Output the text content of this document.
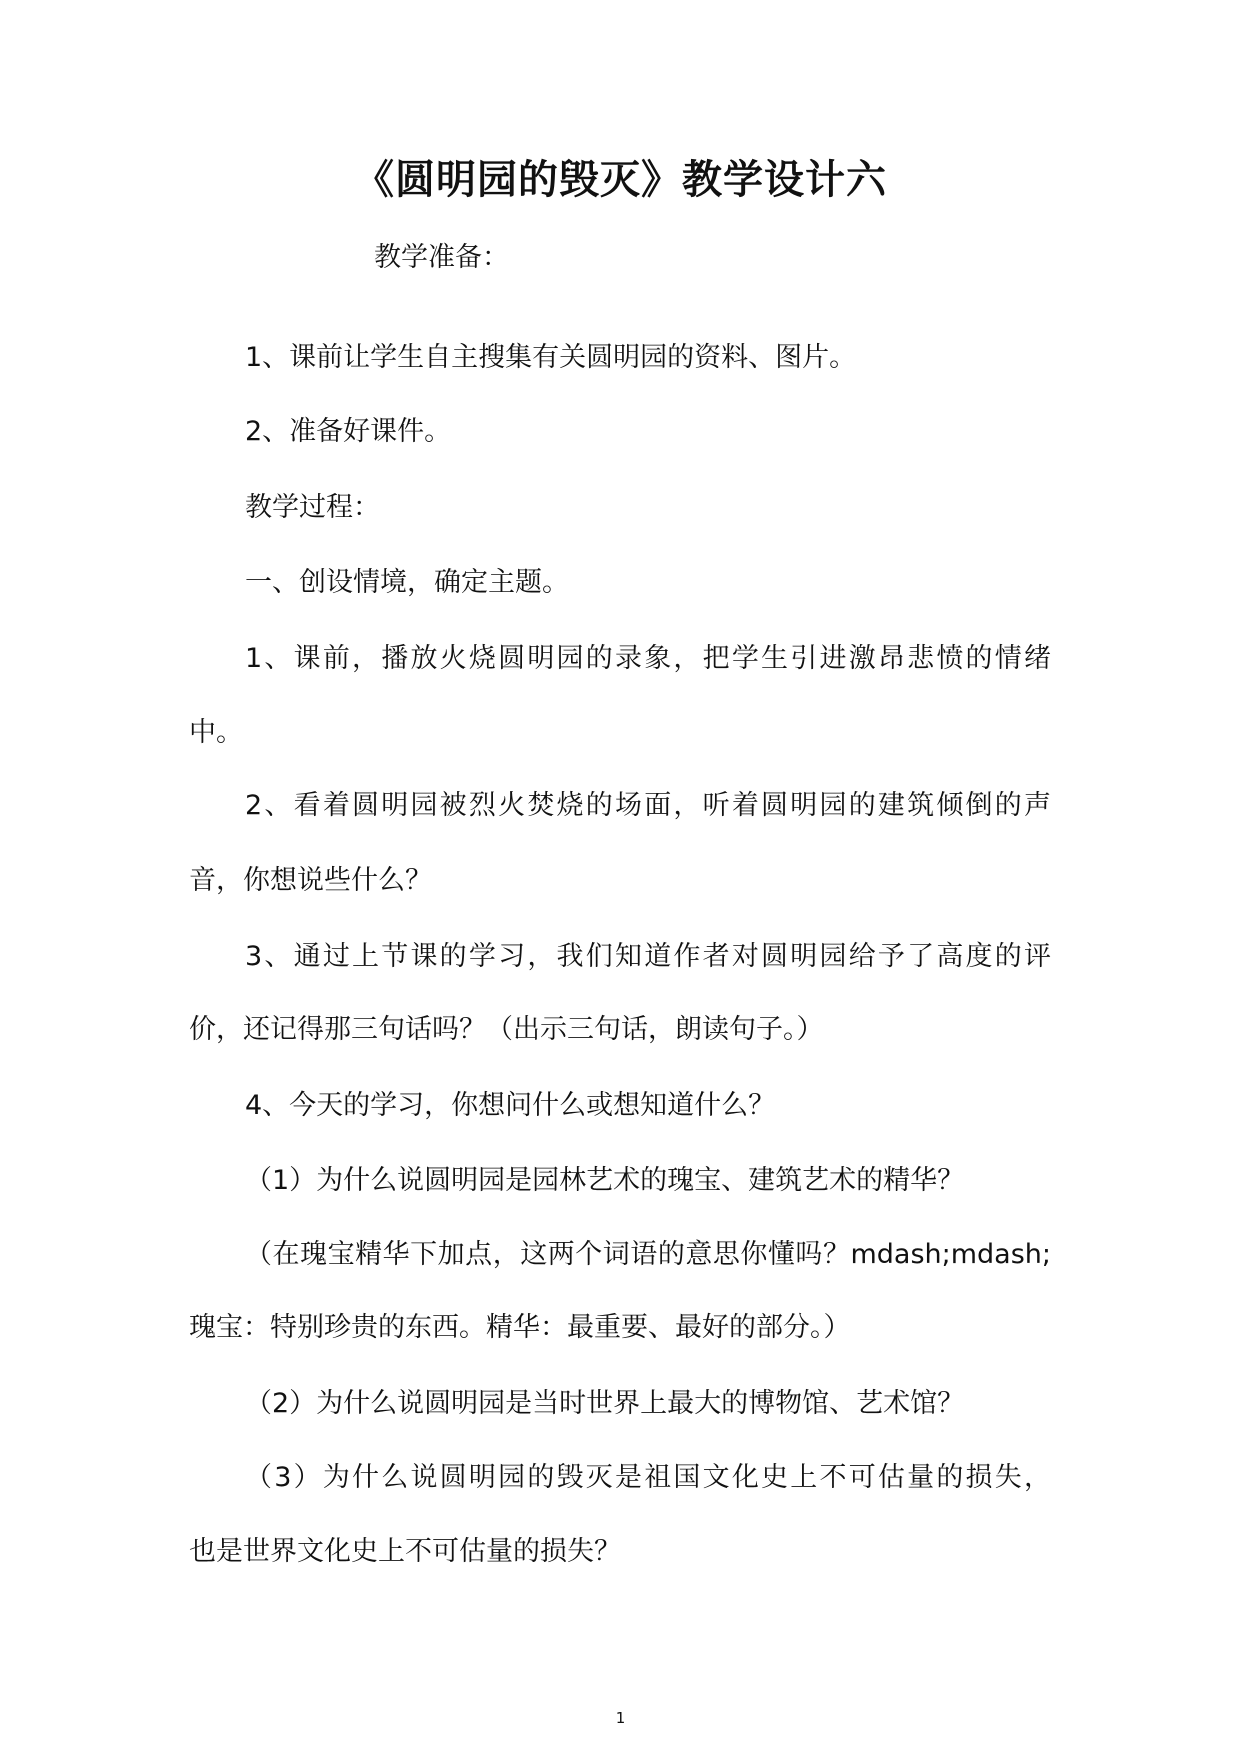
《圆明园的毁灭》教学设计六
教学准备：
1、课前让学生自主搜集有关圆明园的资料、图片。
2、准备好课件。
教学过程：
一、创设情境，确定主题。
1、课前，播放火烧圆明园的录象，把学生引进激昂悲愤的情绪
中。
2、看着圆明园被烈火焚烧的场面，听着圆明园的建筑倾倒的声
音，你想说些什么？
3、通过上节课的学习，我们知道作者对圆明园给予了高度的评
价，还记得那三句话吗？（出示三句话，朗读句子。）
4、今天的学习，你想问什么或想知道什么？
（1）为什么说圆明园是园林艺术的瑰宝、建筑艺术的精华？
（在瑰宝精华下加点，这两个词语的意思你懂吗？mdash;mdash;
瑰宝：特别珍贵的东西。精华：最重要、最好的部分。）
（2）为什么说圆明园是当时世界上最大的博物馆、艺术馆？
（3）为什么说圆明园的毁灭是祖国文化史上不可估量的损失，
也是世界文化史上不可估量的损失？
1
